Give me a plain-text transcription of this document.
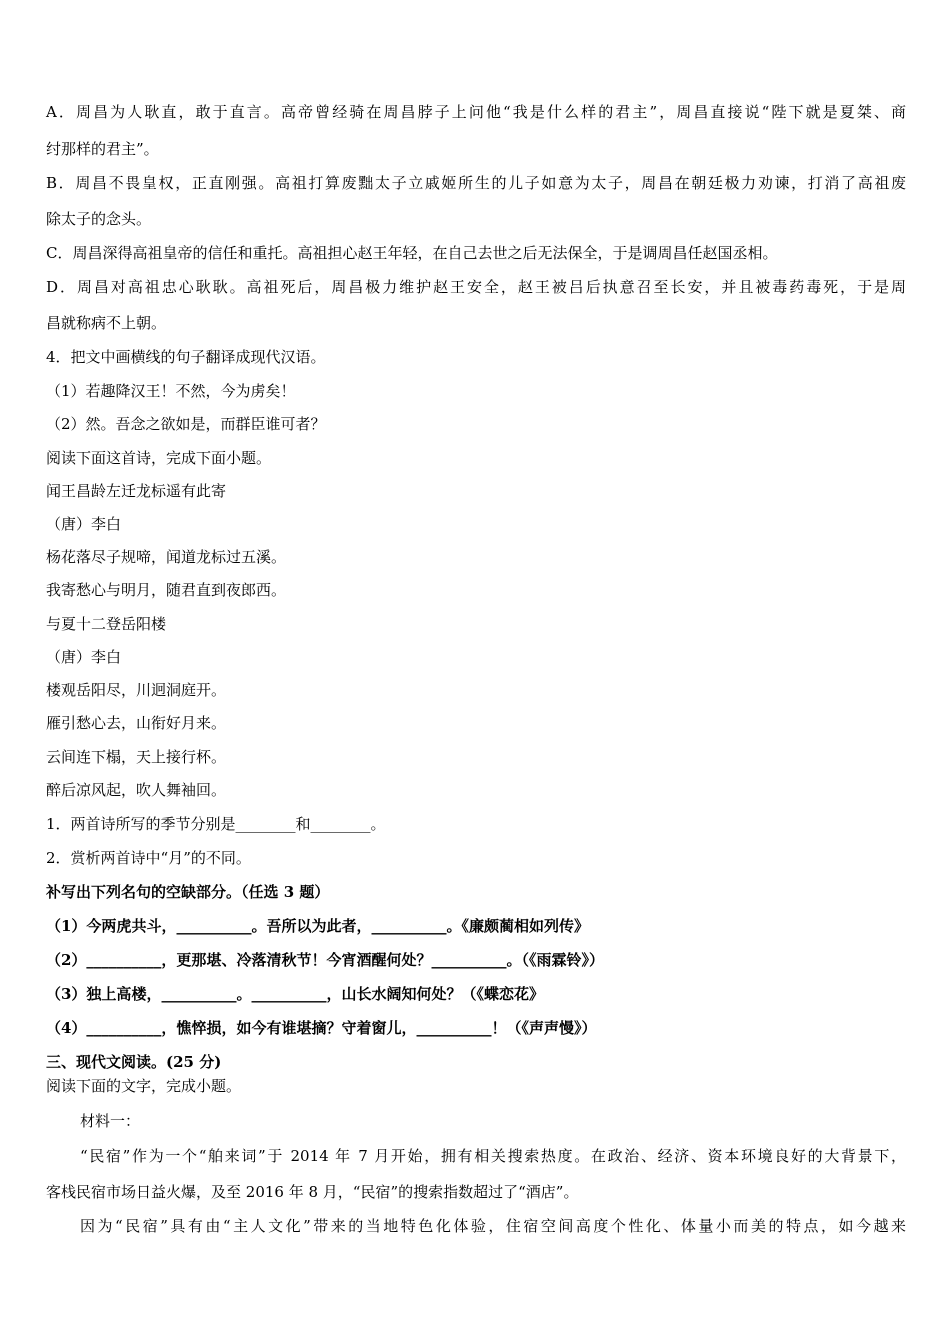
A．周昌为人耿直，敢于直言。高帝曾经骑在周昌脖子上问他“我是什么样的君主”，周昌直接说“陛下就是夏桀、商
纣那样的君主”。
B．周昌不畏皇权，正直刚强。高祖打算废黜太子立戚姬所生的儿子如意为太子，周昌在朝廷极力劝谏，打消了高祖废
除太子的念头。
C．周昌深得高祖皇帝的信任和重托。高祖担心赵王年轻，在自己去世之后无法保全，于是调周昌任赵国丞相。
D．周昌对高祖忠心耿耿。高祖死后，周昌极力维护赵王安全，赵王被吕后执意召至长安，并且被毒药毒死，于是周
昌就称病不上朝。
4．把文中画横线的句子翻译成现代汉语。
（1）若趣降汉王！不然，今为虏矣！
（2）然。吾念之欲如是，而群臣谁可者？
阅读下面这首诗，完成下面小题。
闻王昌龄左迁龙标遥有此寄
（唐）李白
杨花落尽子规啼，闻道龙标过五溪。
我寄愁心与明月，随君直到夜郎西。
与夏十二登岳阳楼
（唐）李白
楼观岳阳尽，川迥洞庭开。
雁引愁心去，山衔好月来。
云间连下榻，天上接行杯。
醉后凉风起，吹人舞袖回。
1．两首诗所写的季节分别是________和________。
2．赏析两首诗中“月”的不同。
补写出下列名句的空缺部分。（任选 3 题）
（1）今两虎共斗，__________。吾所以为此者，__________。《廉颇蔺相如列传》
（2）__________，更那堪、冷落清秋节！今宵酒醒何处？__________。（《雨霖铃》）
（3）独上高楼，__________。__________，山长水阔知何处？（《蝶恋花》
（4）__________，憔悴损，如今有谁堪摘？守着窗儿，__________！（《声声慢》）
三、现代文阅读。(25 分)
阅读下面的文字，完成小题。
材料一：
“民宿”作为一个“舶来词”于 2014 年 7 月开始，拥有相关搜索热度。在政治、经济、资本环境良好的大背景下，
客栈民宿市场日益火爆，及至 2016 年 8 月，“民宿”的搜索指数超过了“酒店”。
因为“民宿”具有由“主人文化”带来的当地特色化体验，住宿空间高度个性化、体量小而美的特点，如今越来
